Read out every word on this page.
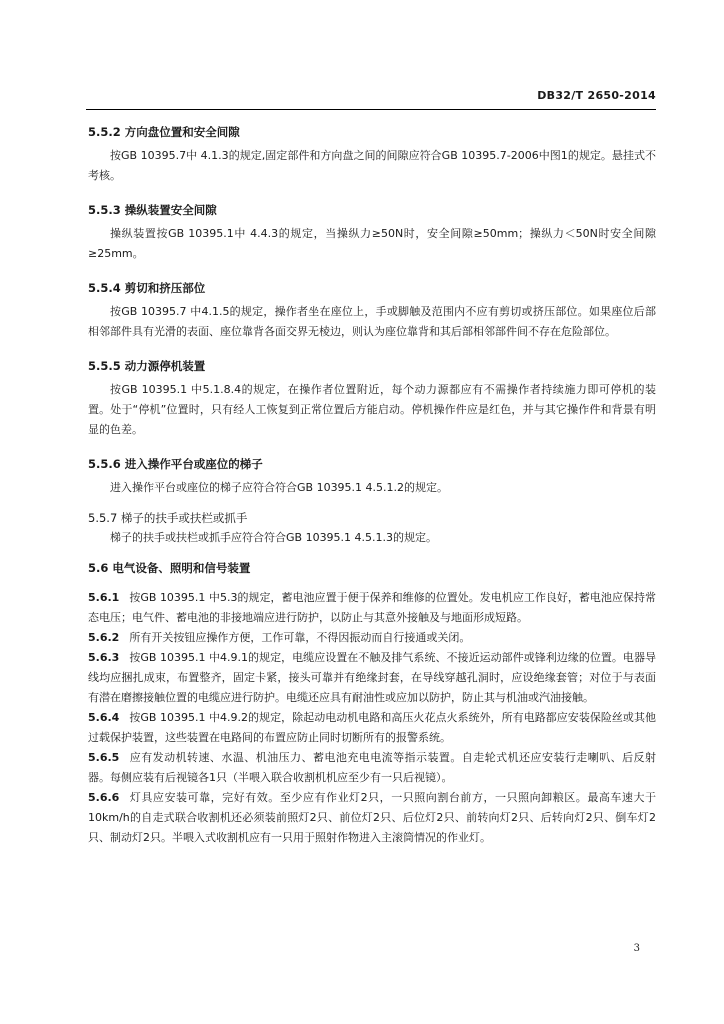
DB32/T 2650-2014

5.5.2 方向盘位置和安全间隙

按GB 10395.7中 4.1.3的规定,固定部件和方向盘之间的间隙应符合GB 10395.7-2006中图1的规定。悬挂式不考核。

5.5.3 操纵装置安全间隙

操纵装置按GB 10395.1中 4.4.3的规定，当操纵力≥50N时，安全间隙≥50mm；操纵力＜50N时安全间隙≥25mm。

5.5.4 剪切和挤压部位

按GB 10395.7 中4.1.5的规定，操作者坐在座位上，手或脚触及范围内不应有剪切或挤压部位。如果座位后部相邻部件具有光滑的表面、座位靠背各面交界无棱边，则认为座位靠背和其后部相邻部件间不存在危险部位。

5.5.5 动力源停机装置

按GB 10395.1 中5.1.8.4的规定，在操作者位置附近，每个动力源都应有不需操作者持续施力即可停机的装置。处于“停机”位置时，只有经人工恢复到正常位置后方能启动。停机操作件应是红色，并与其它操作件和背景有明显的色差。

5.5.6 进入操作平台或座位的梯子

进入操作平台或座位的梯子应符合符合GB 10395.1 4.5.1.2的规定。

5.5.7 梯子的扶手或扶栏或抓手

梯子的扶手或扶栏或抓手应符合符合GB 10395.1 4.5.1.3的规定。

5.6 电气设备、照明和信号装置

5.6.1 按GB 10395.1 中5.3的规定，蓄电池应置于便于保养和维修的位置处。发电机应工作良好，蓄电池应保持常态电压；电气件、蓄电池的非接地端应进行防护，以防止与其意外接触及与地面形成短路。

5.6.2 所有开关按钮应操作方便，工作可靠，不得因振动而自行接通或关闭。

5.6.3 按GB 10395.1 中4.9.1的规定，电缆应设置在不触及排气系统、不接近运动部件或锋利边缘的位置。电器导线均应捆扎成束，布置整齐，固定卡紧，接头可靠并有绝缘封套，在导线穿越孔洞时，应设绝缘套管；对位于与表面有潜在磨擦接触位置的电缆应进行防护。电缆还应具有耐油性或应加以防护，防止其与机油或汽油接触。

5.6.4 按GB 10395.1 中4.9.2的规定，除起动电动机电路和高压火花点火系统外，所有电路都应安装保险丝或其他过载保护装置，这些装置在电路间的布置应防止同时切断所有的报警系统。

5.6.5 应有发动机转速、水温、机油压力、蓄电池充电电流等指示装置。自走轮式机还应安装行走喇叭、后反射器。每侧应装有后视镜各1只（半喂入联合收割机机应至少有一只后视镜）。

5.6.6 灯具应安装可靠，完好有效。至少应有作业灯2只，一只照向割台前方，一只照向卸粮区。最高车速大于10km/h的自走式联合收割机还必须装前照灯2只、前位灯2只、后位灯2只、前转向灯2只、后转向灯2只、倒车灯2只、制动灯2只。半喂入式收割机应有一只用于照射作物进入主滚筒情况的作业灯。

3
